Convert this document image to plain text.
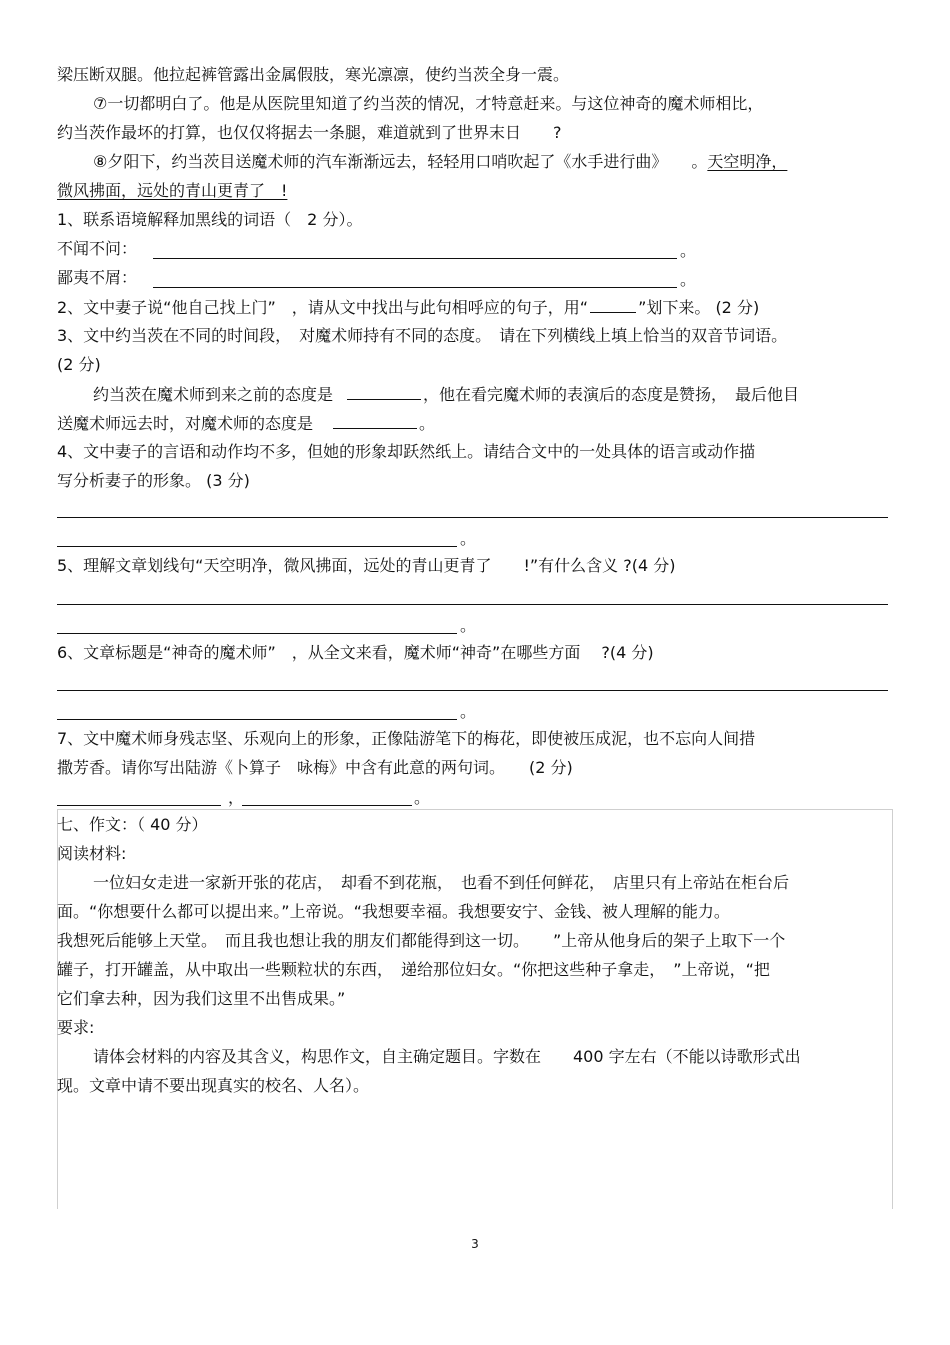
梁压断双腿。他拉起裤管露出金属假肢，寒光凛凛，使约当茨全身一震。
⑦一切都明白了。他是从医院里知道了约当茨的情况，才特意赶来。与这位神奇的魔术师相比，
约当茨作最坏的打算，也仅仅将据去一条腿，难道就到了世界末日　　?
⑧夕阳下，约当茨目送魔术师的汽车渐渐远去，轻轻用口哨吹起了《水手进行曲》　　。天空明净，
微风拂面，远处的青山更青了　!
1、联系语境解释加黑线的词语（　2 分）。
不闻不问：	。
鄙夷不屑：	。
2、文中妻子说“他自己找上门”　，请从文中找出与此句相呼应的句子，用“	”划下来。 (2 分)
3、文中约当茨在不同的时间段，　对魔术师持有不同的态度。　请在下列横线上填上恰当的双音节词语。
(2 分)
约当茨在魔术师到来之前的态度是	，他在看完魔术师的表演后的态度是赞扬，　最后他目
送魔术师远去时，对魔术师的态度是	。
4、文中妻子的言语和动作均不多，但她的形象却跃然纸上。请结合文中的一处具体的语言或动作描
写分析妻子的形象。 (3 分)
。
5、理解文章划线句“天空明净，微风拂面，远处的青山更青了　　!”有什么含义 ?(4 分)
。
6、文章标题是“神奇的魔术师”　，从全文来看，魔术师“神奇”在哪些方面　 ?(4 分)
。
7、文中魔术师身残志坚、乐观向上的形象，正像陆游笔下的梅花，即使被压成泥，也不忘向人间措
撒芳香。请你写出陆游《卜算子　咏梅》中含有此意的两句词。　　(2 分)
，	。
七、作文：（ 40 分）
阅读材料:
一位妇女走进一家新开张的花店，　却看不到花瓶，　也看不到任何鲜花，　店里只有上帝站在柜台后
面。“你想要什么都可以提出来。”上帝说。“我想要幸福。我想要安宁、金钱、被人理解的能力。
我想死后能够上天堂。　而且我也想让我的朋友们都能得到这一切。　　”上帝从他身后的架子上取下一个
罐子，打开罐盖，从中取出一些颗粒状的东西，　递给那位妇女。“你把这些种子拿走，　”上帝说，“把
它们拿去种，因为我们这里不出售成果。”
要求:
请体会材料的内容及其含义，构思作文，自主确定题目。字数在　　400 字左右（不能以诗歌形式出
现。文章中请不要出现真实的校名、人名）。
3
